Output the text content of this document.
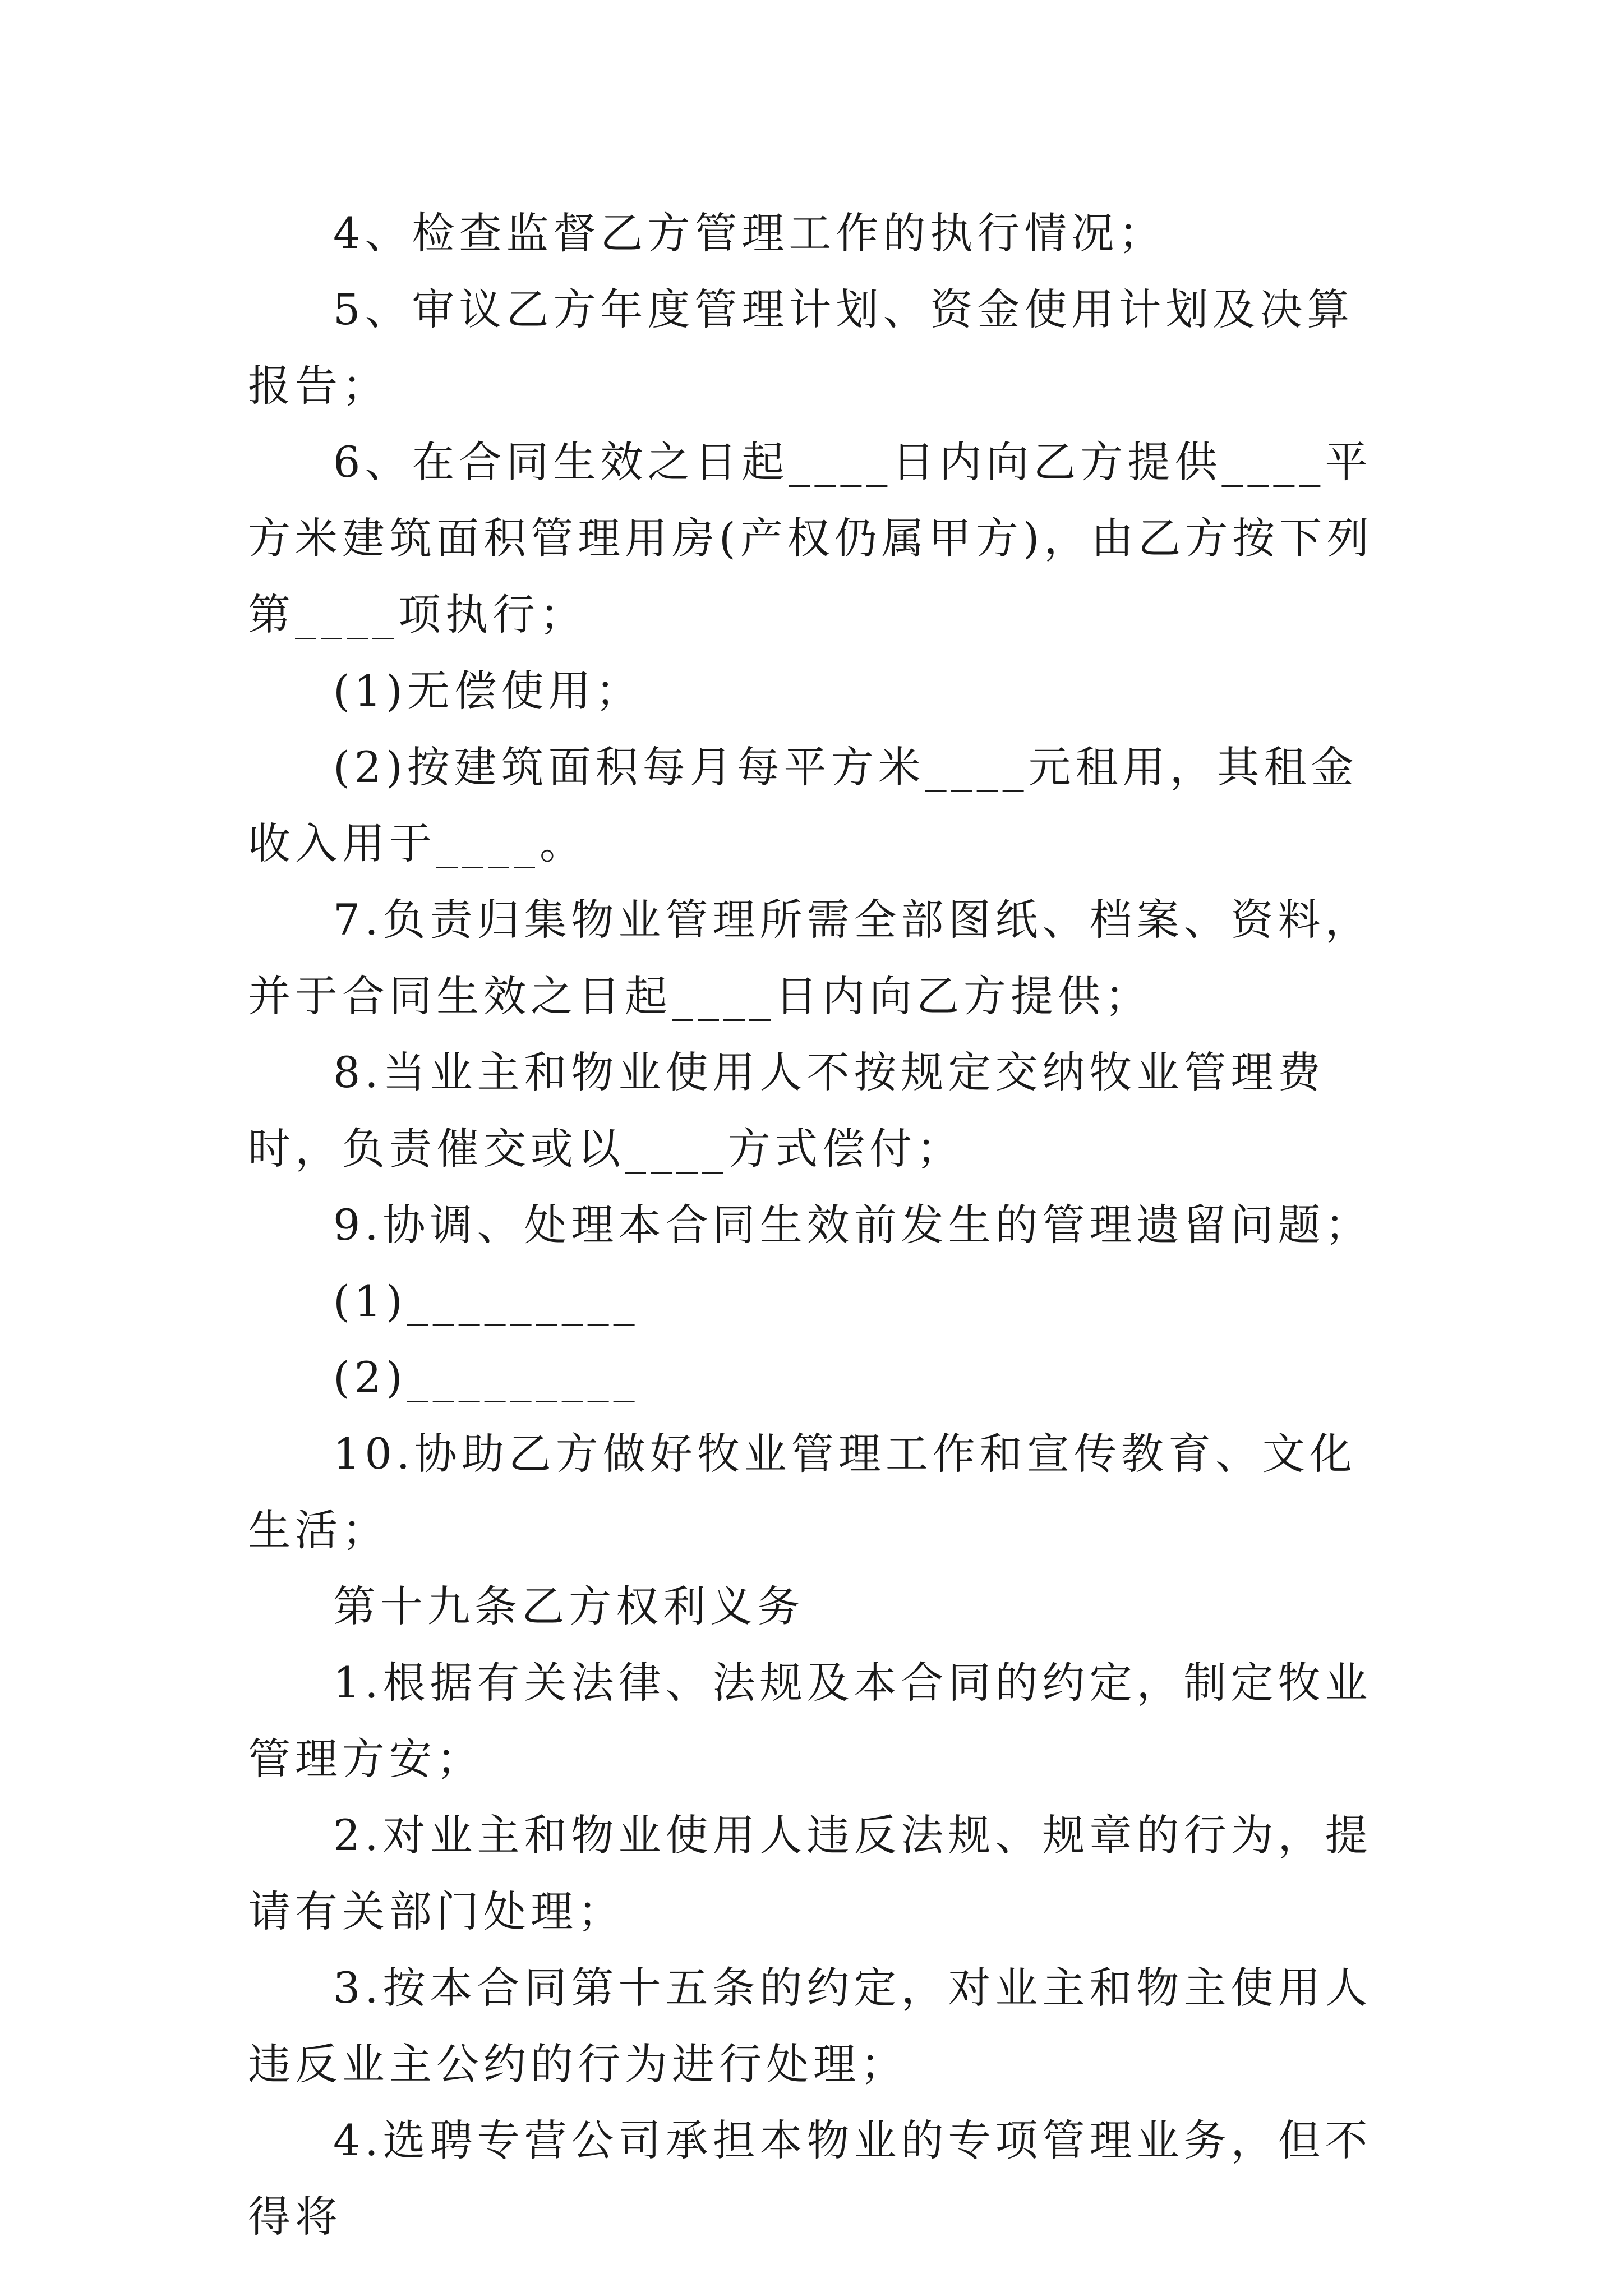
4、检查监督乙方管理工作的执行情况；

5、审议乙方年度管理计划、资金使用计划及决算报告；

6、在合同生效之日起____日内向乙方提供____平方米建筑面积管理用房(产权仍属甲方)，由乙方按下列第____项执行；

(1)无偿使用；

(2)按建筑面积每月每平方米____元租用，其租金收入用于____。

7.负责归集物业管理所需全部图纸、档案、资料，并于合同生效之日起____日内向乙方提供；

8.当业主和物业使用人不按规定交纳牧业管理费时，负责催交或以____方式偿付；

9.协调、处理本合同生效前发生的管理遗留问题；

(1)_________

(2)_________

10.协助乙方做好牧业管理工作和宣传教育、文化生活；

第十九条乙方权利义务

1.根据有关法律、法规及本合同的约定，制定牧业管理方安；

2.对业主和物业使用人违反法规、规章的行为，提请有关部门处理；

3.按本合同第十五条的约定，对业主和物主使用人违反业主公约的行为进行处理；

4.选聘专营公司承担本物业的专项管理业务，但不得将
